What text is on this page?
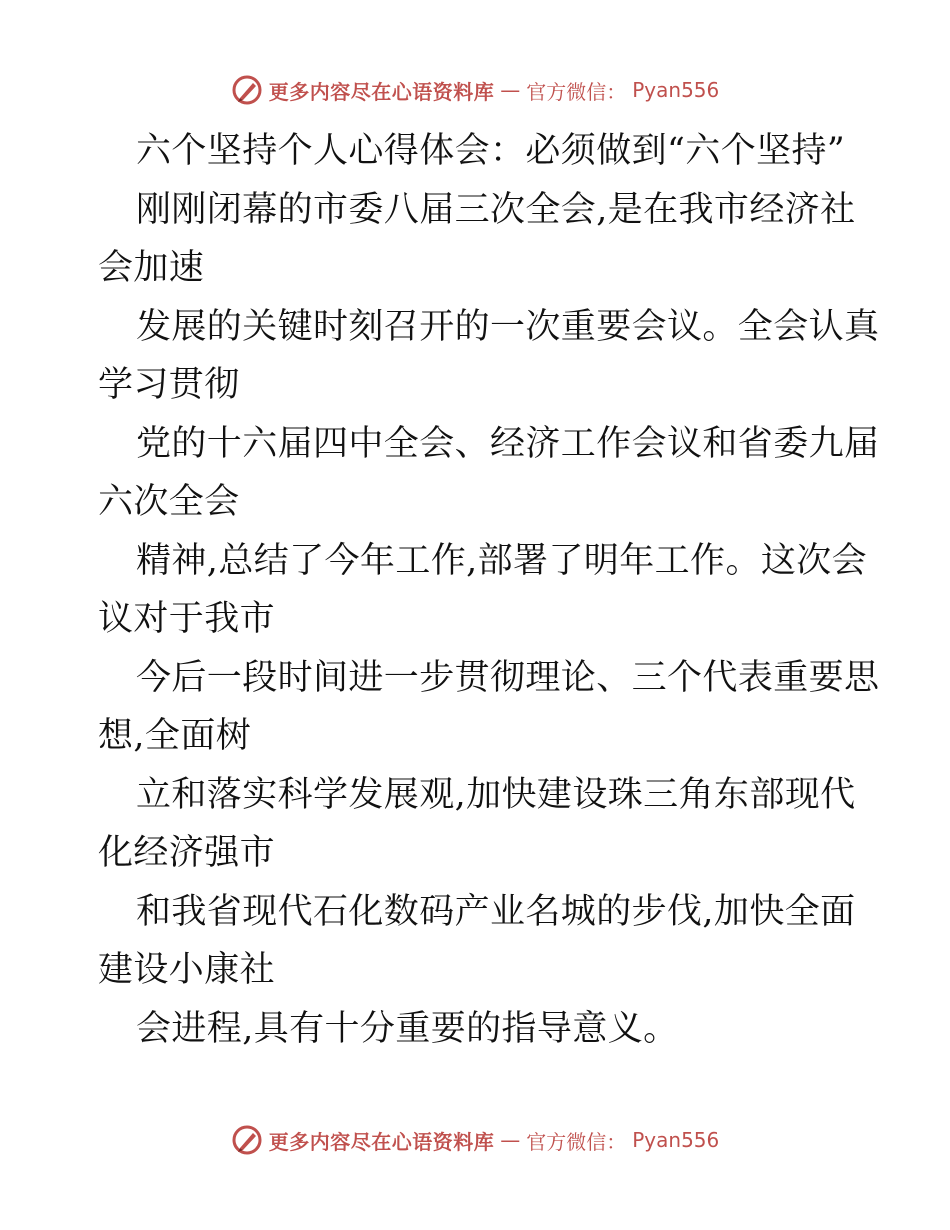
更多内容尽在心语资料库 — 官方微信： Pyan556
六个坚持个人心得体会：必须做到“六个坚持”
刚刚闭幕的市委八届三次全会,是在我市经济社
会加速
发展的关键时刻召开的一次重要会议。全会认真
学习贯彻
党的十六届四中全会、经济工作会议和省委九届
六次全会
精神,总结了今年工作,部署了明年工作。这次会
议对于我市
今后一段时间进一步贯彻理论、三个代表重要思
想,全面树
立和落实科学发展观,加快建设珠三角东部现代
化经济强市
和我省现代石化数码产业名城的步伐,加快全面
建设小康社
会进程,具有十分重要的指导意义。
更多内容尽在心语资料库 — 官方微信： Pyan556
